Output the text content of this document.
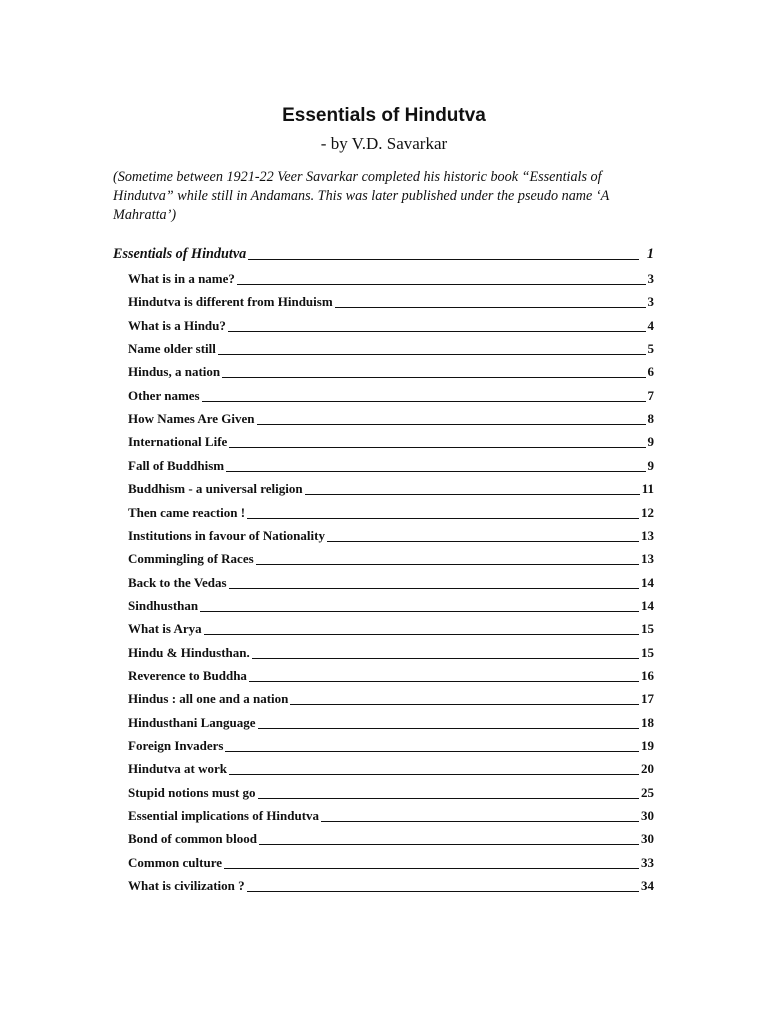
Essentials of Hindutva
- by V.D. Savarkar
(Sometime between 1921-22 Veer Savarkar completed his historic book “Essentials of Hindutva” while still in Andamans. This was later published under the pseudo name ‘A Mahratta’)
Essentials of Hindutva	1
What is in a name?	3
Hindutva is different from Hinduism	3
What is a Hindu?	4
Name older still	5
Hindus, a nation	6
Other names	7
How Names Are Given	8
International Life	9
Fall of Buddhism	9
Buddhism - a universal religion	11
Then came reaction !	12
Institutions in favour of Nationality	13
Commingling of Races	13
Back to the Vedas	14
Sindhusthan	14
What is Arya	15
Hindu & Hindusthan.	15
Reverence to Buddha	16
Hindus : all one and a nation	17
Hindusthani Language	18
Foreign Invaders	19
Hindutva at work	20
Stupid notions must go	25
Essential implications of Hindutva	30
Bond of common blood	30
Common culture	33
What is civilization ?	34
